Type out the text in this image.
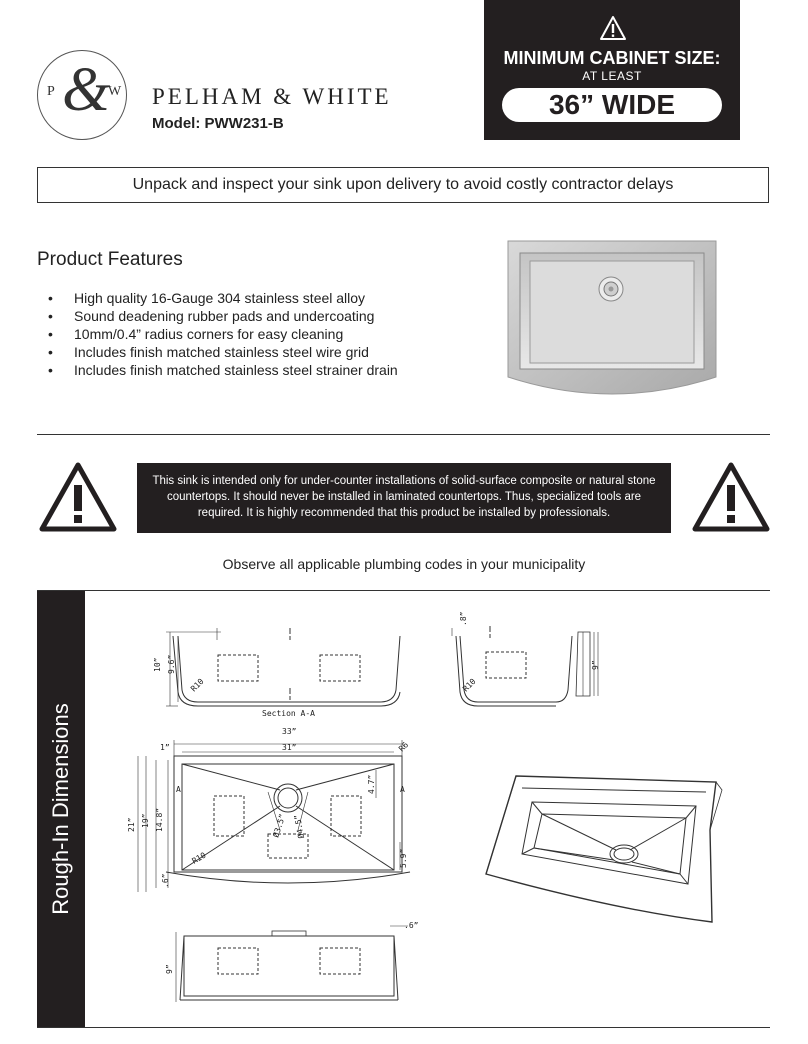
P &
W PELHAM & WHITE
Model: PWW231-B
MINIMUM CABINET SIZE:
AT LEAST
36” WIDE
Unpack and inspect your sink upon delivery to avoid costly contractor delays
Product Features
• High quality 16-Gauge 304 stainless steel alloy
• Sound deadening rubber pads and undercoating
• 10mm/0.4” radius corners for easy cleaning
• Includes finish matched stainless steel wire grid
• Includes finish matched stainless steel strainer drain
This sink is intended only for under-counter installations of solid-surface composite or natural stone countertops. It should never be installed in laminated countertops. Thus, specialized tools are required. It is highly recommended that this product be installed by professionals.
Observe all applicable plumbing codes in your municipality
Rough-In Dimensions
10” 9.6”
R10
Section A-A
.8”
9”
R10
33”
31”
1”	R6
21” 19” 14.8”
4.7”
Ø3.5” Ø4.5”
.6”
5.9”
R10
A	A
.6”
9”
